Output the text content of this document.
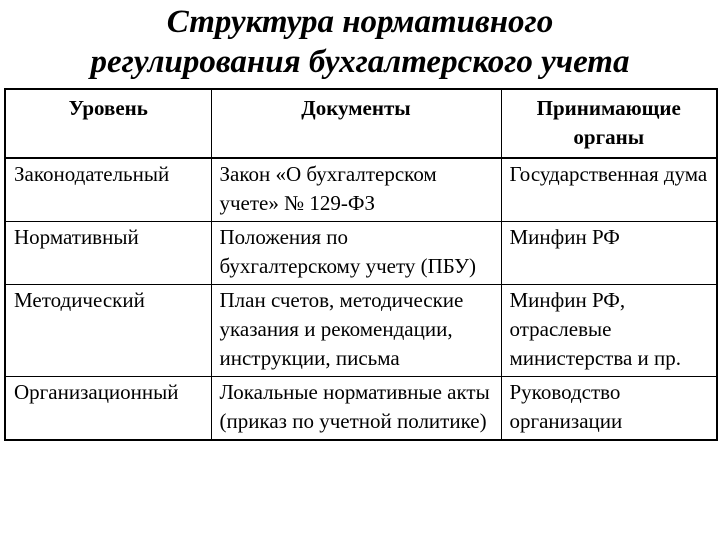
Структура нормативного
регулирования бухгалтерского учета
Уровень	Документы	Принимающие органы
Законодательный	Закон «О бухгалтерском учете» № 129-ФЗ	Государственная дума
Нормативный	Положения по бухгалтерскому учету (ПБУ)	Минфин РФ
Методический	План счетов, методические указания и рекомендации, инструкции, письма	Минфин РФ, отраслевые министерства и пр.
Организационный	Локальные нормативные акты (приказ по учетной политике)	Руководство организации
